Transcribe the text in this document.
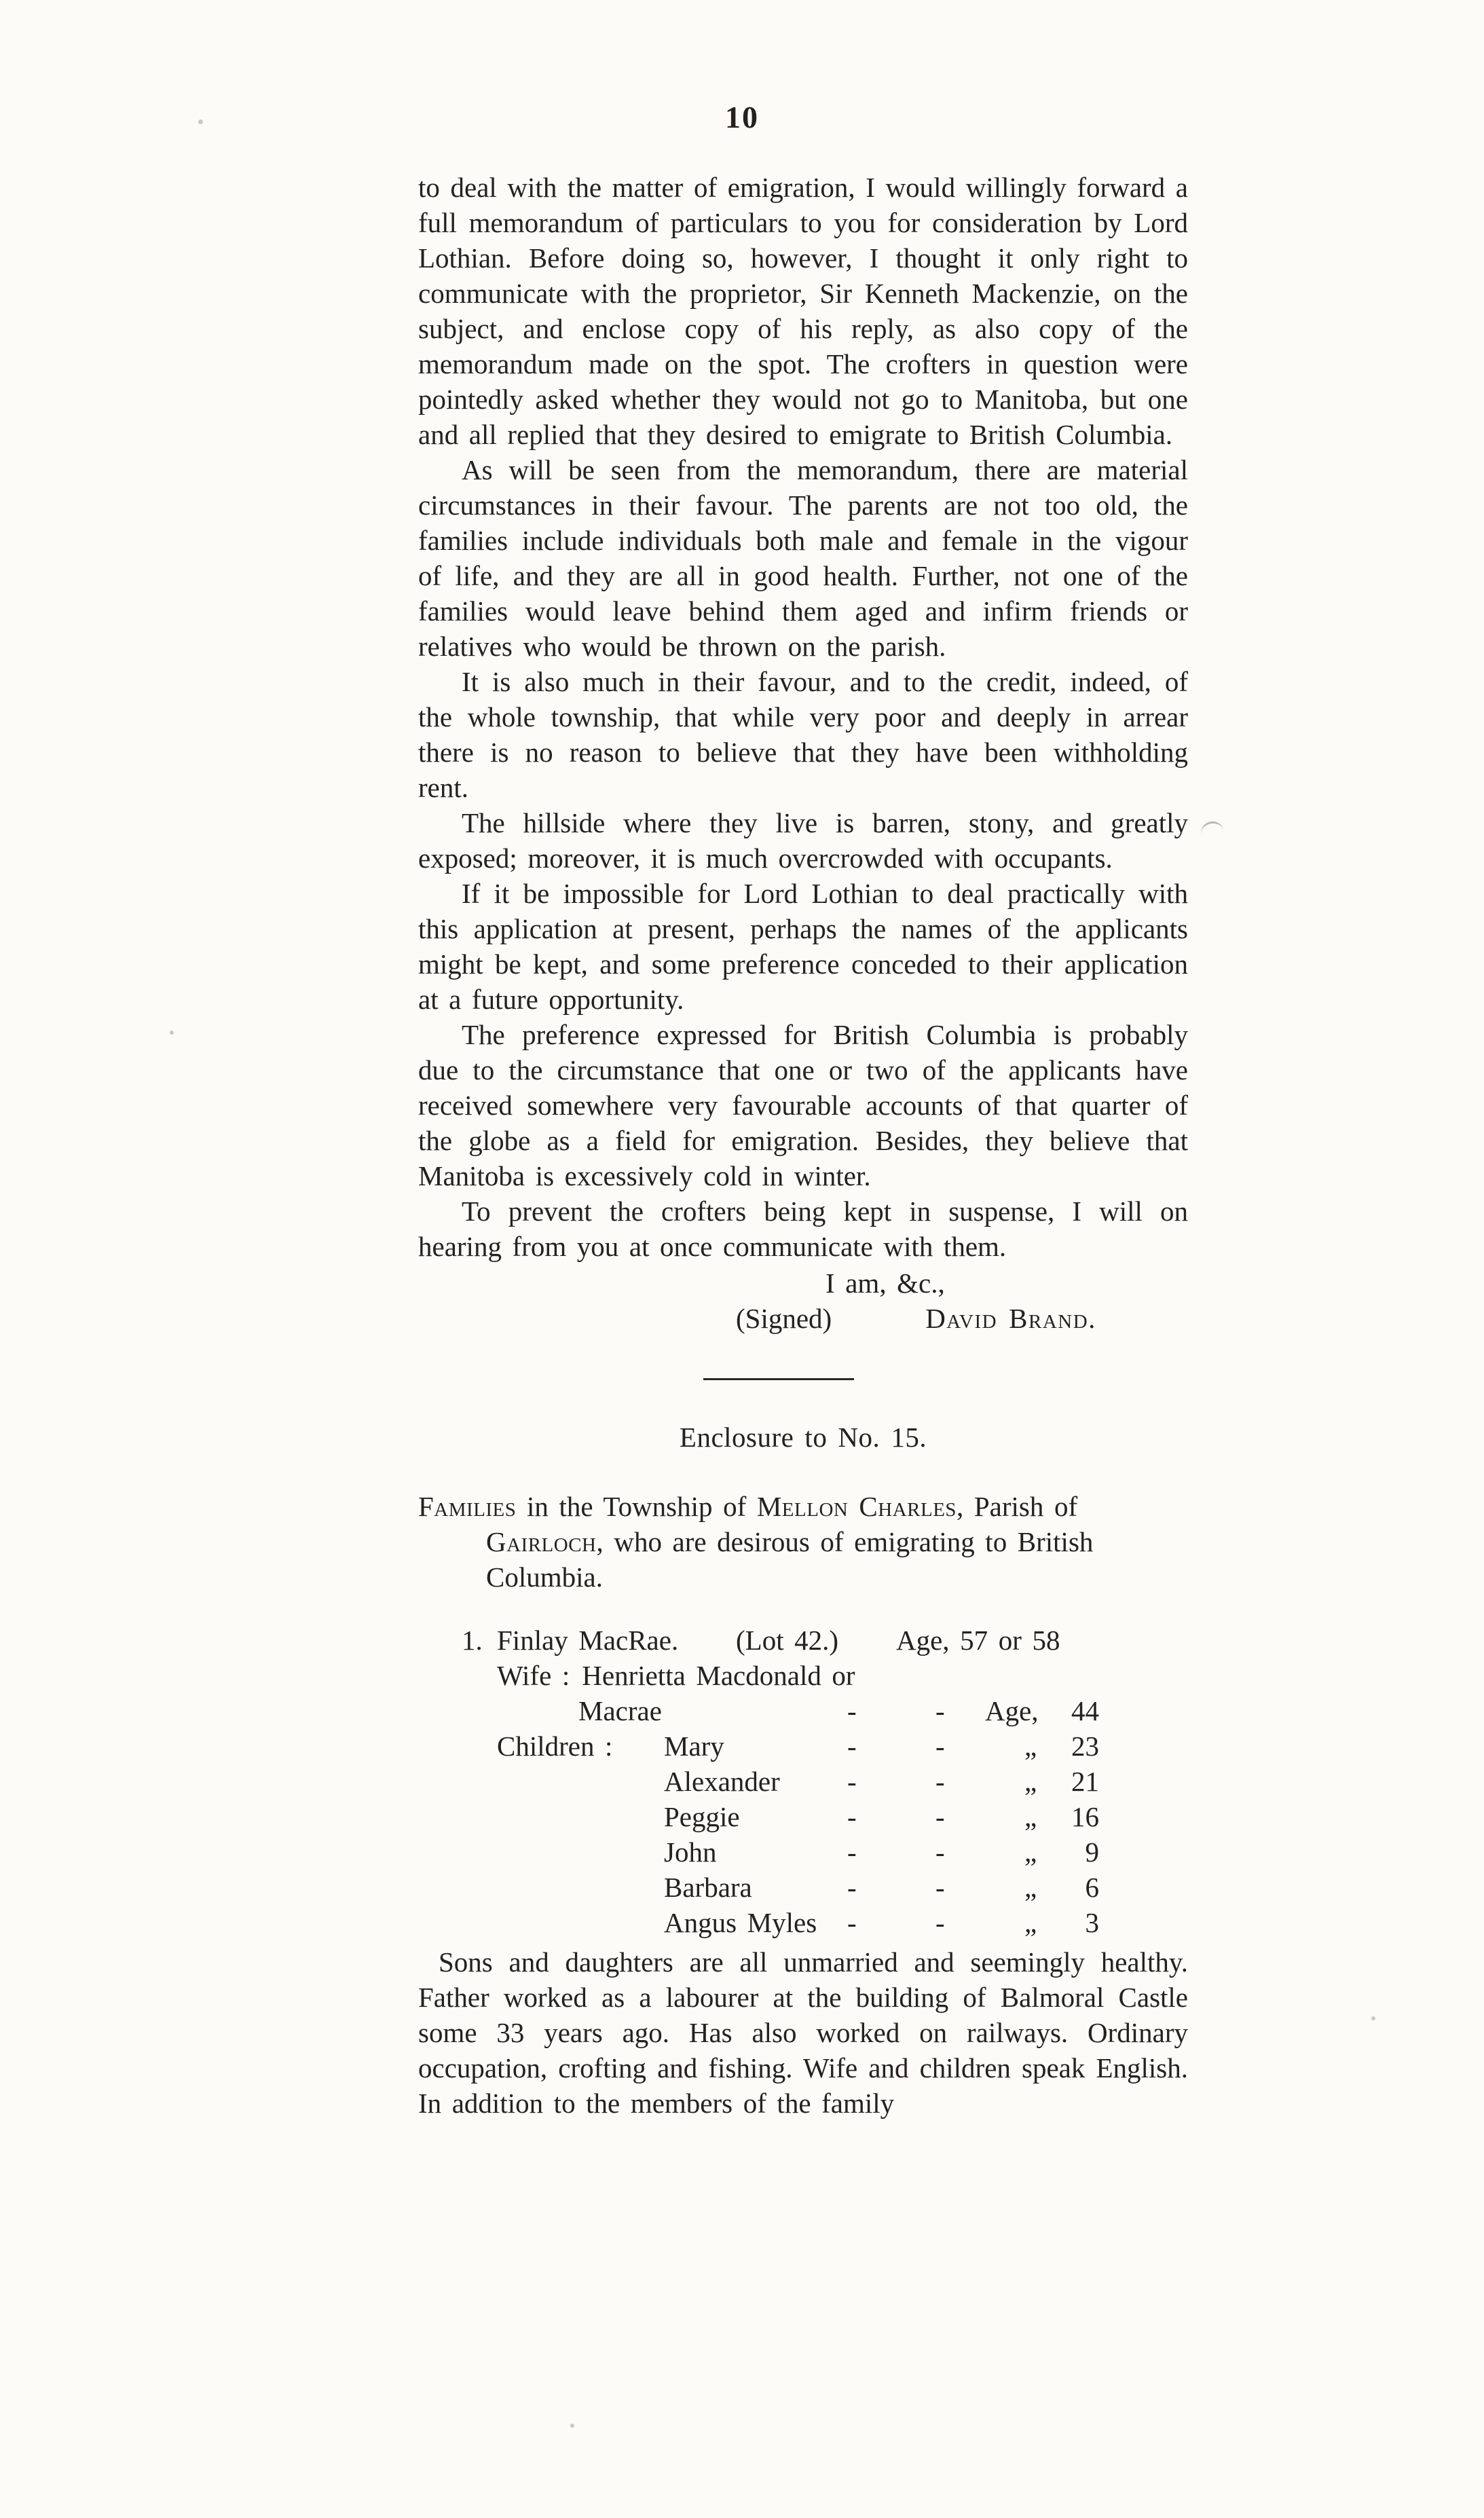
10

to deal with the matter of emigration, I would willingly forward a full memorandum of particulars to you for consideration by Lord Lothian. Before doing so, however, I thought it only right to communicate with the proprietor, Sir Kenneth Mackenzie, on the subject, and enclose copy of his reply, as also copy of the memorandum made on the spot. The crofters in question were pointedly asked whether they would not go to Manitoba, but one and all replied that they desired to emigrate to British Columbia.

As will be seen from the memorandum, there are material circumstances in their favour. The parents are not too old, the families include individuals both male and female in the vigour of life, and they are all in good health. Further, not one of the families would leave behind them aged and infirm friends or relatives who would be thrown on the parish.

It is also much in their favour, and to the credit, indeed, of the whole township, that while very poor and deeply in arrear there is no reason to believe that they have been withholding rent.

The hillside where they live is barren, stony, and greatly exposed; moreover, it is much overcrowded with occupants.

If it be impossible for Lord Lothian to deal practically with this application at present, perhaps the names of the applicants might be kept, and some preference conceded to their application at a future opportunity.

The preference expressed for British Columbia is probably due to the circumstance that one or two of the applicants have received somewhere very favourable accounts of that quarter of the globe as a field for emigration. Besides, they believe that Manitoba is excessively cold in winter.

To prevent the crofters being kept in suspense, I will on hearing from you at once communicate with them.

I am, &c.,
(Signed)	David Brand.
Enclosure to No. 15.

Families in the Township of Mellon Charles, Parish of Gairloch, who are desirous of emigrating to British Columbia.

1. Finlay MacRae. (Lot 42.) Age, 57 or 58
Wife : Henrietta Macdonald or
Macrae	-	-	Age, 44
Children :	Mary	-	-	„ 23
Alexander	-	-	„ 21
Peggie	-	-	„ 16
John	-	-	„ 9
Barbara	-	-	„ 6
Angus Myles	-	-	„ 3

Sons and daughters are all unmarried and seemingly healthy. Father worked as a labourer at the building of Balmoral Castle some 33 years ago. Has also worked on railways. Ordinary occupation, crofting and fishing. Wife and children speak English. In addition to the members of the family
